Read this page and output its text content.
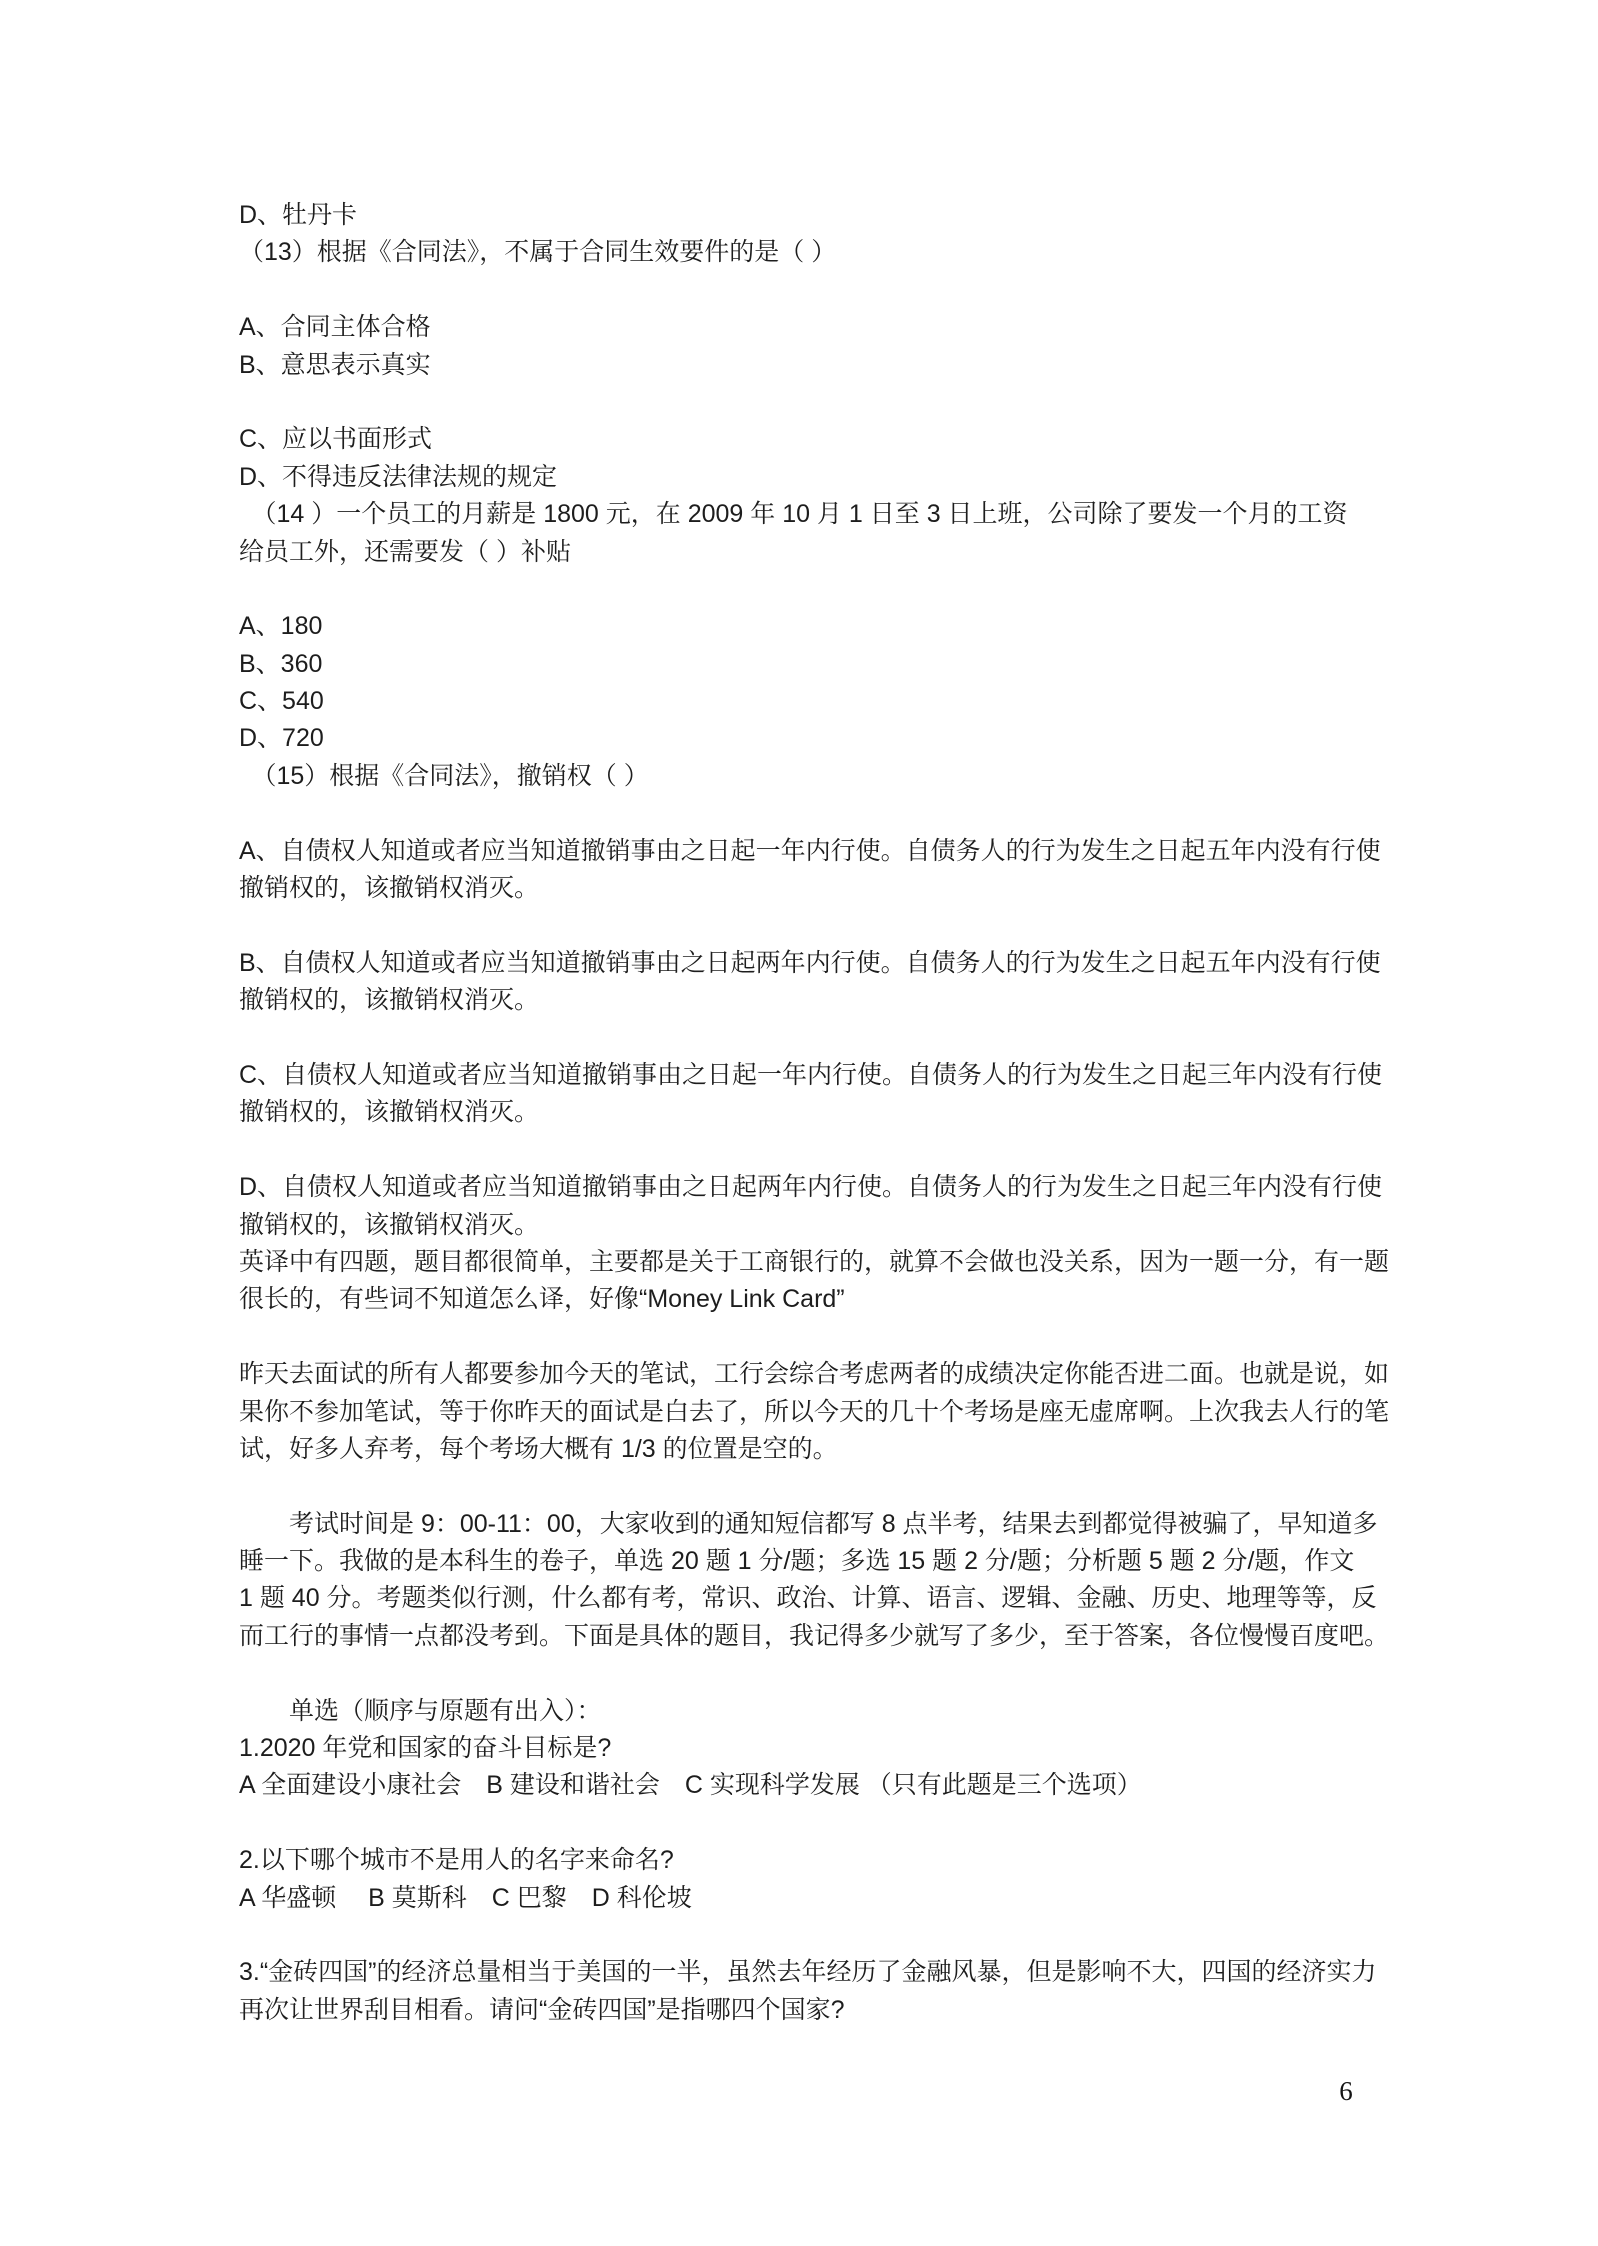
D、牡丹卡
（13）根据《合同法》，不属于合同生效要件的是（ ）

A、合同主体合格
B、意思表示真实

C、应以书面形式
D、不得违反法律法规的规定
　（14 ）一个员工的月薪是 1800 元，在 2009 年 10 月 1 日至 3 日上班，公司除了要发一个月的工资
给员工外，还需要发（ ）补贴

A、180
B、360
C、540
D、720
　（15）根据《合同法》，撤销权（ ）

A、自债权人知道或者应当知道撤销事由之日起一年内行使。自债务人的行为发生之日起五年内没有行使
撤销权的，该撤销权消灭。

B、自债权人知道或者应当知道撤销事由之日起两年内行使。自债务人的行为发生之日起五年内没有行使
撤销权的，该撤销权消灭。

C、自债权人知道或者应当知道撤销事由之日起一年内行使。自债务人的行为发生之日起三年内没有行使
撤销权的，该撤销权消灭。

D、自债权人知道或者应当知道撤销事由之日起两年内行使。自债务人的行为发生之日起三年内没有行使
撤销权的，该撤销权消灭。
英译中有四题，题目都很简单，主要都是关于工商银行的，就算不会做也没关系，因为一题一分，有一题
很长的，有些词不知道怎么译，好像“Money Link Card”

昨天去面试的所有人都要参加今天的笔试，工行会综合考虑两者的成绩决定你能否进二面。也就是说，如
果你不参加笔试，等于你昨天的面试是白去了，所以今天的几十个考场是座无虚席啊。上次我去人行的笔
试，好多人弃考，每个考场大概有 1/3 的位置是空的。

　　考试时间是 9：00-11：00，大家收到的通知短信都写 8 点半考，结果去到都觉得被骗了，早知道多
睡一下。我做的是本科生的卷子，单选 20 题 1 分/题；多选 15 题 2 分/题；分析题 5 题 2 分/题，作文
1 题 40 分。考题类似行测，什么都有考，常识、政治、计算、语言、逻辑、金融、历史、地理等等，反
而工行的事情一点都没考到。下面是具体的题目，我记得多少就写了多少，至于答案，各位慢慢百度吧。

　　单选（顺序与原题有出入）：
1.2020 年党和国家的奋斗目标是?
A 全面建设小康社会　B 建设和谐社会　C 实现科学发展 （只有此题是三个选项）

2.以下哪个城市不是用人的名字来命名?
A 华盛顿　 B 莫斯科　C 巴黎　D 科伦坡

3.“金砖四国”的经济总量相当于美国的一半，虽然去年经历了金融风暴，但是影响不大，四国的经济实力
再次让世界刮目相看。请问“金砖四国”是指哪四个国家?
6
